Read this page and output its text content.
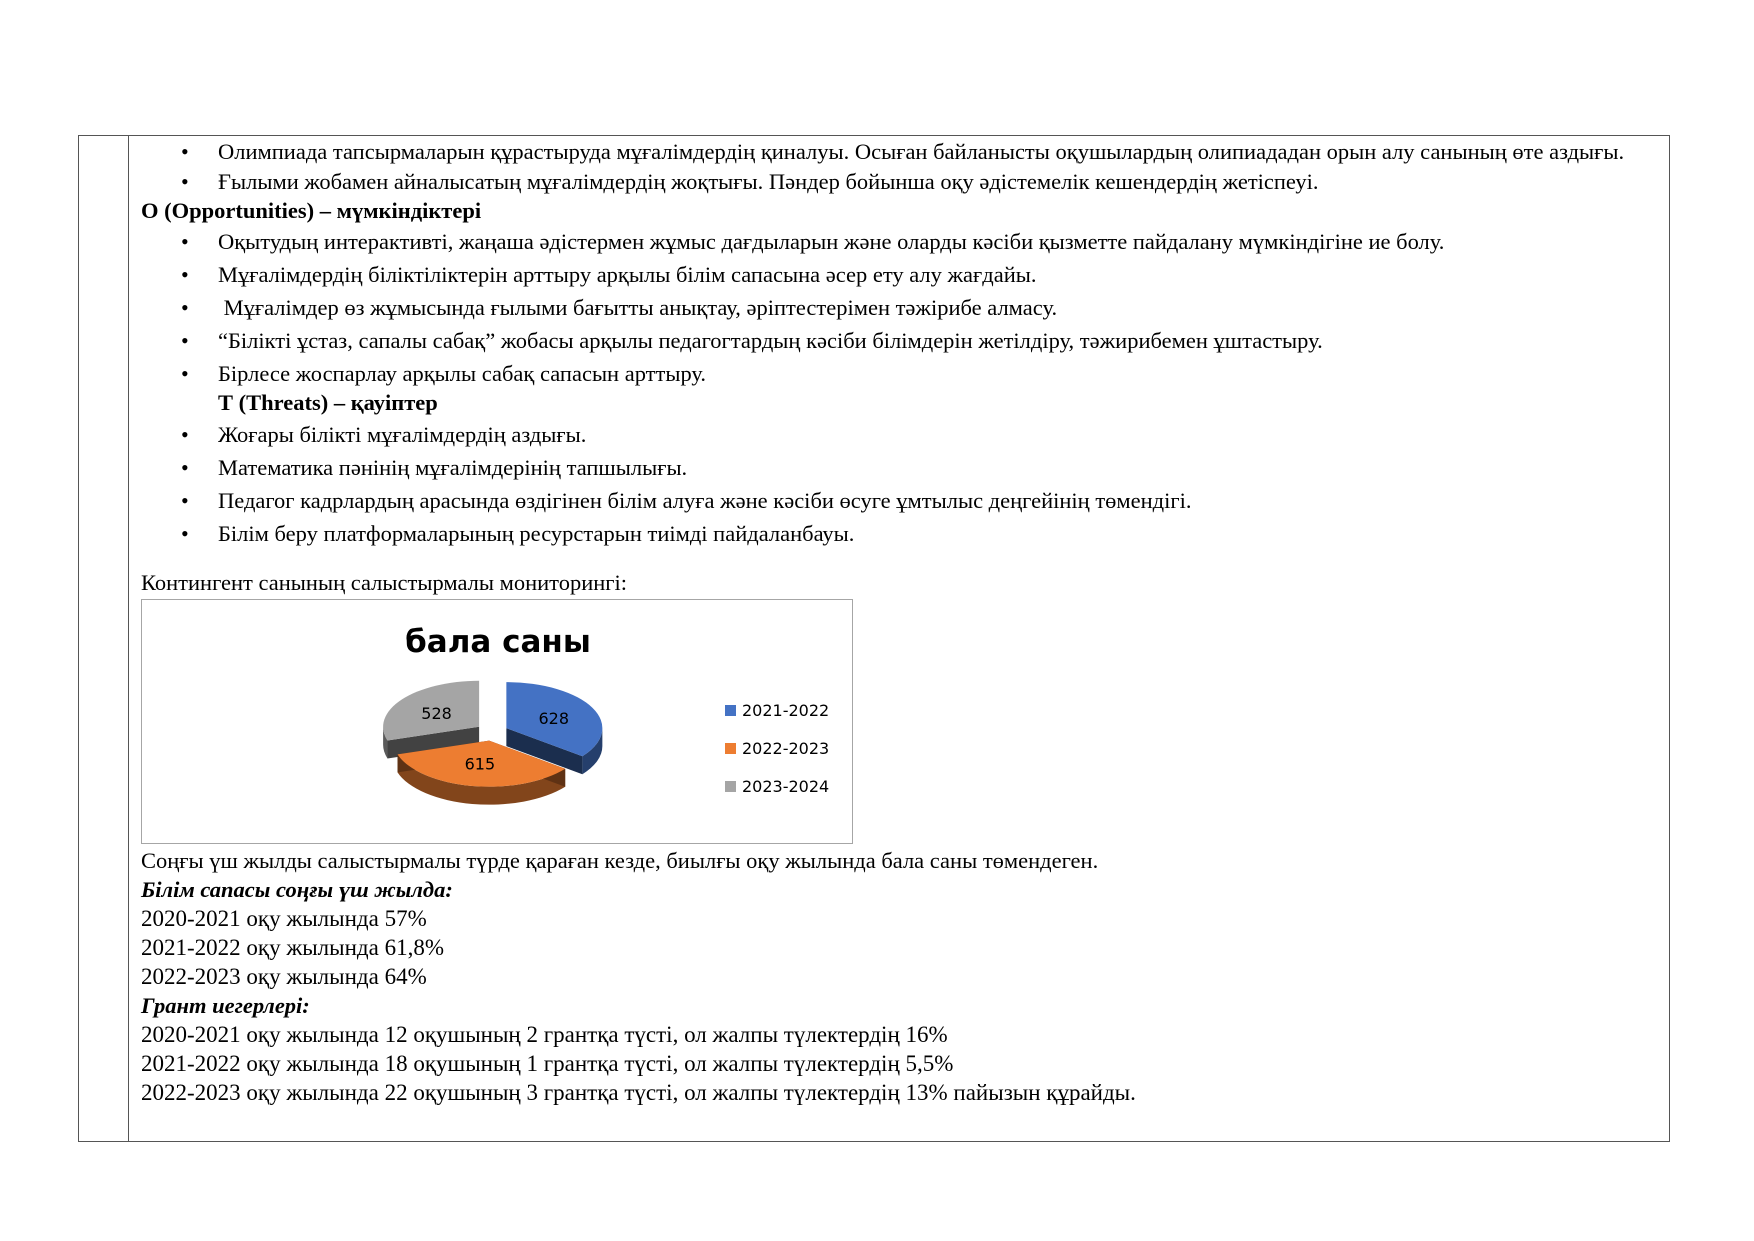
• Олимпиада тапсырмаларын құрастыруда мұғалімдердің қиналуы. Осыған байланысты оқушылардың олипиададан орын алу санының өте аздығы.
• Ғылыми жобамен айналысатың мұғалімдердің жоқтығы. Пәндер бойынша оқу әдістемелік кешендердің жетіспеуі.
О (Opportunities) – мүмкіндіктері
• Оқытудың интерактивті, жаңаша әдістермен жұмыс дағдыларын және оларды кәсіби қызметте пайдалану мүмкіндігіне ие болу.
• Мұғалімдердің біліктіліктерін арттыру арқылы білім сапасына әсер ету алу жағдайы.
•  Мұғалімдер өз жұмысында ғылыми бағытты анықтау, әріптестерімен тәжірибе алмасу.
• “Білікті ұстаз, сапалы сабақ” жобасы арқылы педагогтардың кәсіби білімдерін жетілдіру, тәжирибемен ұштастыру.
• Бірлесе жоспарлау арқылы сабақ сапасын арттыру.
Т (Threats) – қауіптер
• Жоғары білікті мұғалімдердің аздығы.
• Математика пәнінің мұғалімдерінің тапшылығы.
• Педагог кадрлардың арасында өздігінен білім алуға және кәсіби өсуге ұмтылыс деңгейінің төмендігі.
• Білім беру платформаларының ресурстарын тиімді пайдаланбауы.
Контингент санының салыстырмалы мониторингі:
бала саны
628
615
528	2021-2022
2022-2023
2023-2024
Соңғы үш жылды салыстырмалы түрде қараған кезде, биылғы оқу жылында бала саны төмендеген.
Білім сапасы соңғы үш жылда:
2020-2021 оқу жылында 57%
2021-2022 оқу жылында 61,8%
2022-2023 оқу жылында 64%
Грант иегерлері:
2020-2021 оқу жылында 12 оқушының 2 грантқа түсті, ол жалпы түлектердің 16%
2021-2022 оқу жылында 18 оқушының 1 грантқа түсті, ол жалпы түлектердің 5,5%
2022-2023 оқу жылында 22 оқушының 3 грантқа түсті, ол жалпы түлектердің 13% пайызын құрайды.
